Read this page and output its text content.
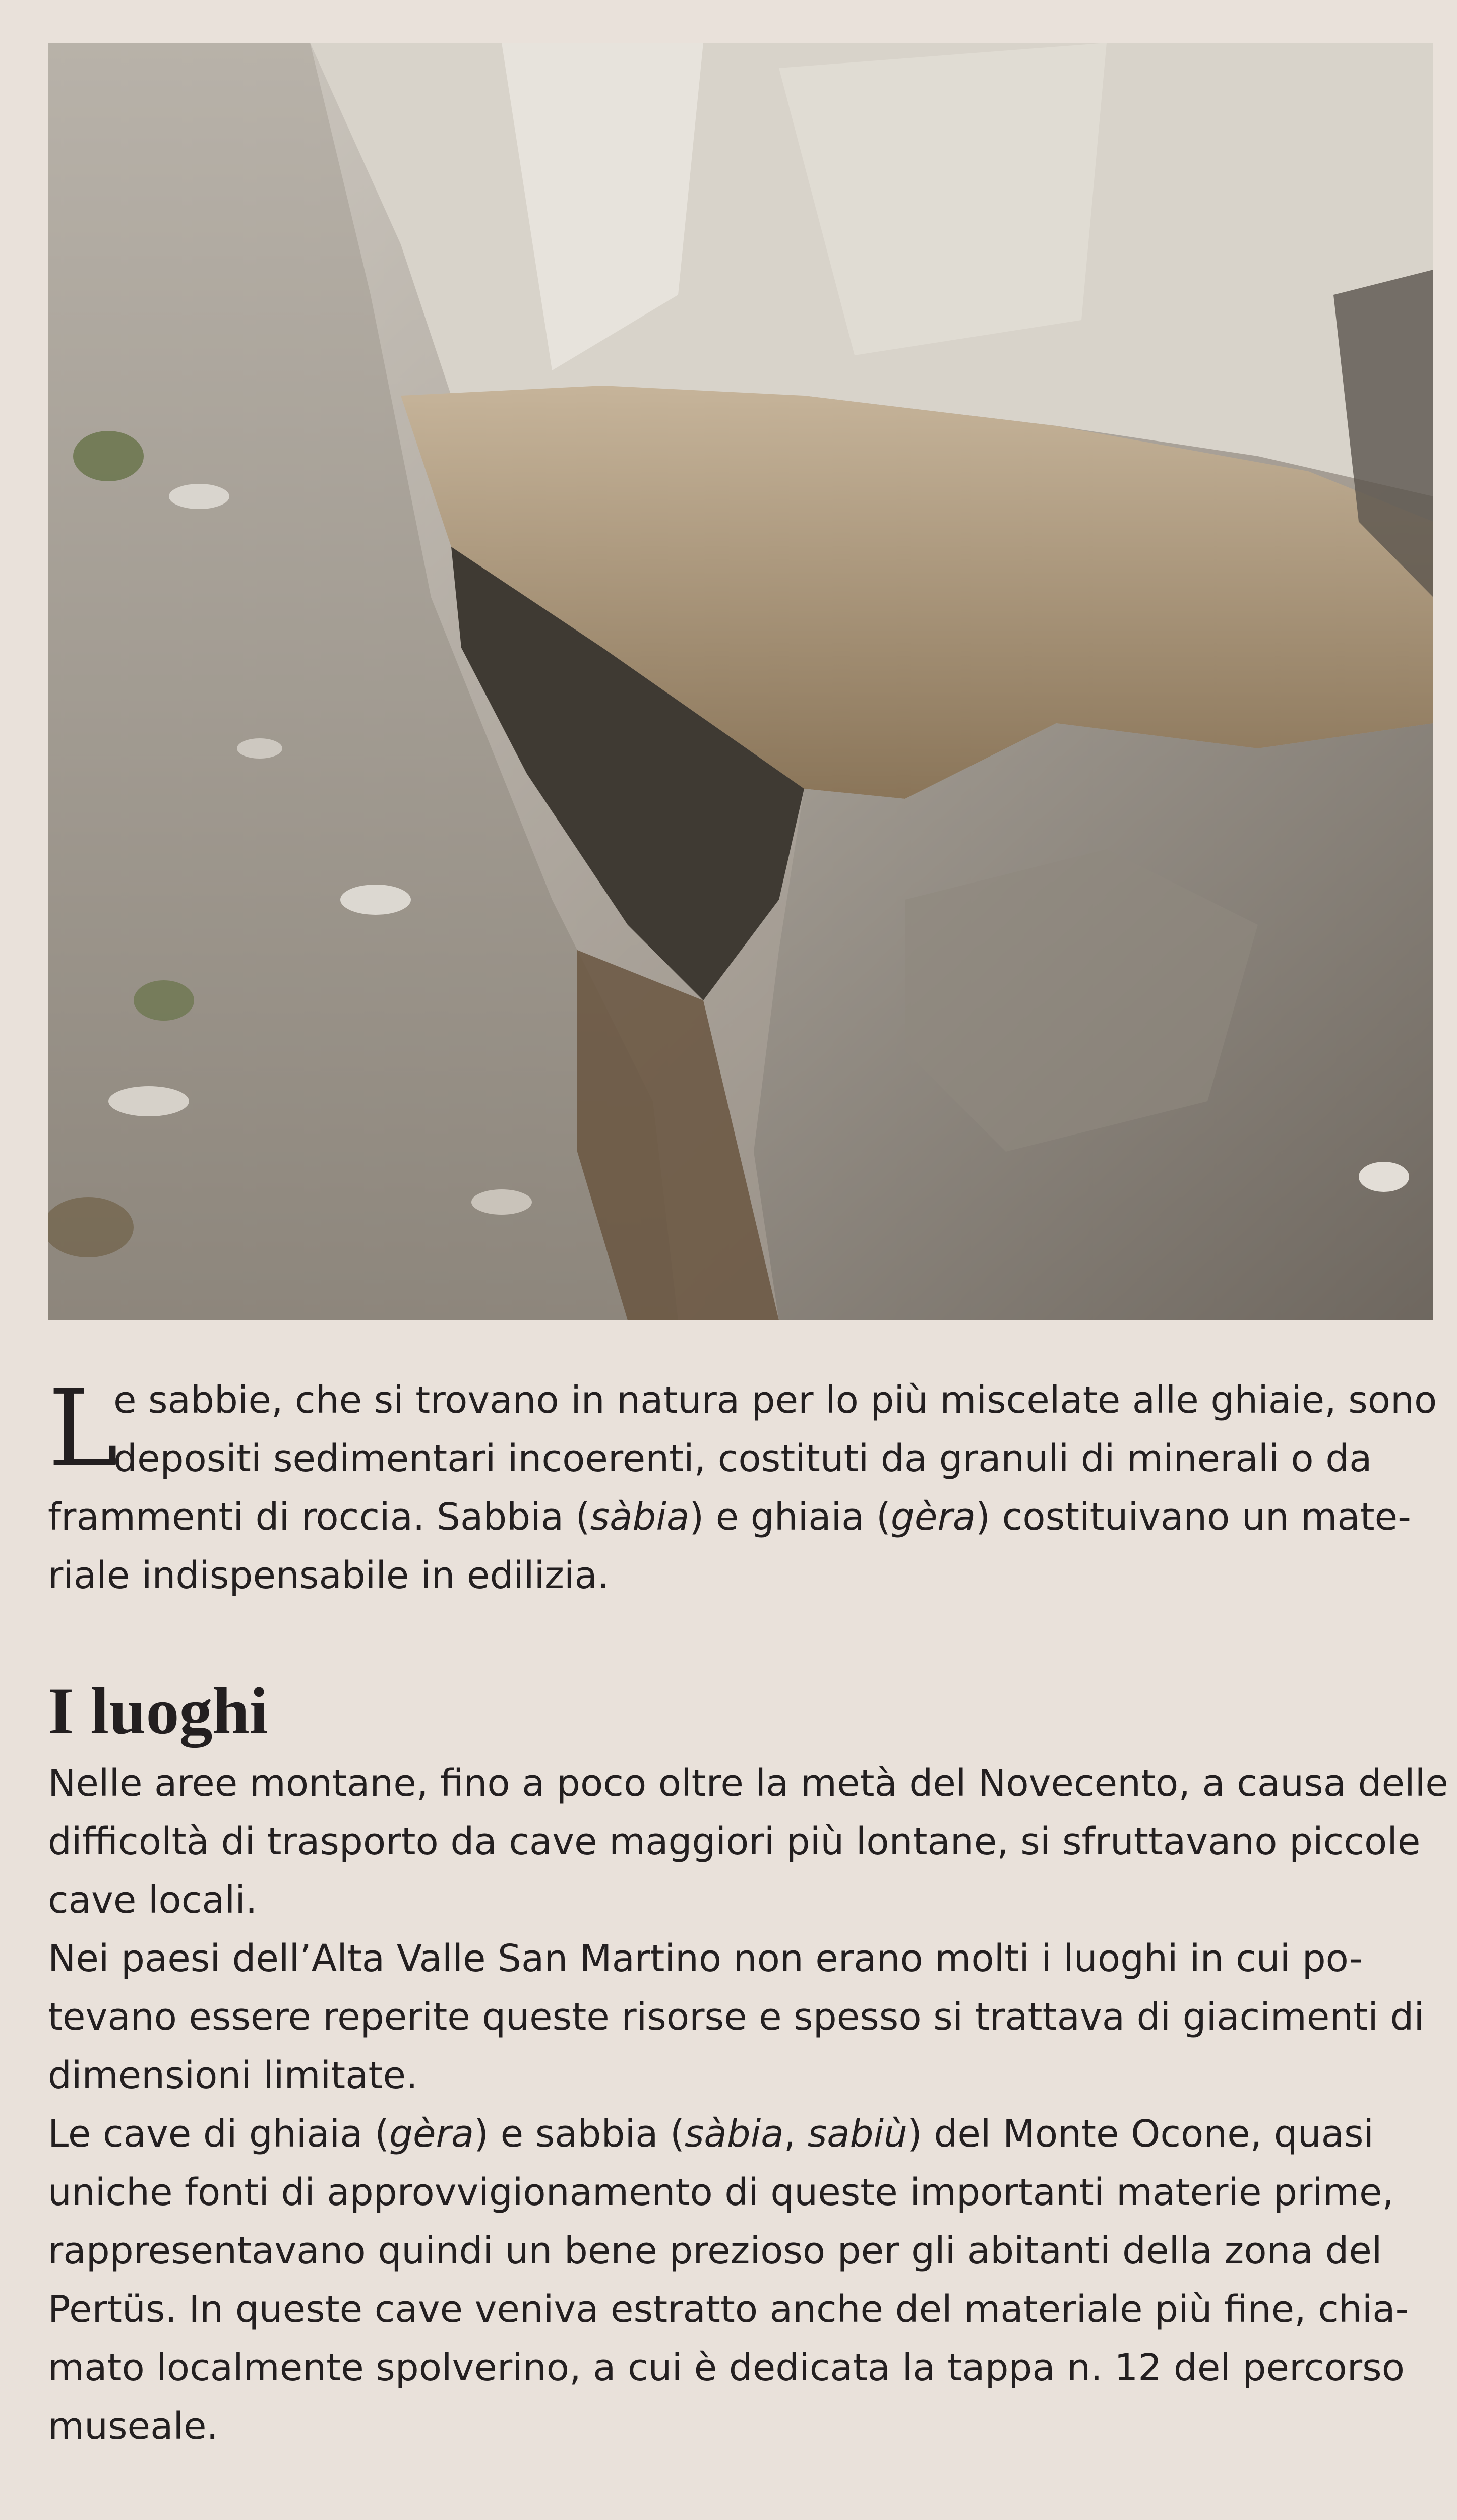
L
e sabbie, che si trovano in natura per lo più miscelate alle ghiaie, sono
depositi sedimentari incoerenti, costituti da granuli di minerali o da
frammenti di roccia. Sabbia (sàbia) e ghiaia (gèra) costituivano un mate-
riale indispensabile in edilizia.
I luoghi
Nelle aree montane, fino a poco oltre la metà del Novecento, a causa delle
difficoltà di trasporto da cave maggiori più lontane, si sfruttavano piccole
cave locali.
Nei paesi dell’Alta Valle San Martino non erano molti i luoghi in cui po-
tevano essere reperite queste risorse e spesso si trattava di giacimenti di
dimensioni limitate.
Le cave di ghiaia (gèra) e sabbia (sàbia, sabiù) del Monte Ocone, quasi
uniche fonti di approvvigionamento di queste importanti materie prime,
rappresentavano quindi un bene prezioso per gli abitanti della zona del
Pertüs. In queste cave veniva estratto anche del materiale più fine, chia-
mato localmente spolverino, a cui è dedicata la tappa n. 12 del percorso
museale.
